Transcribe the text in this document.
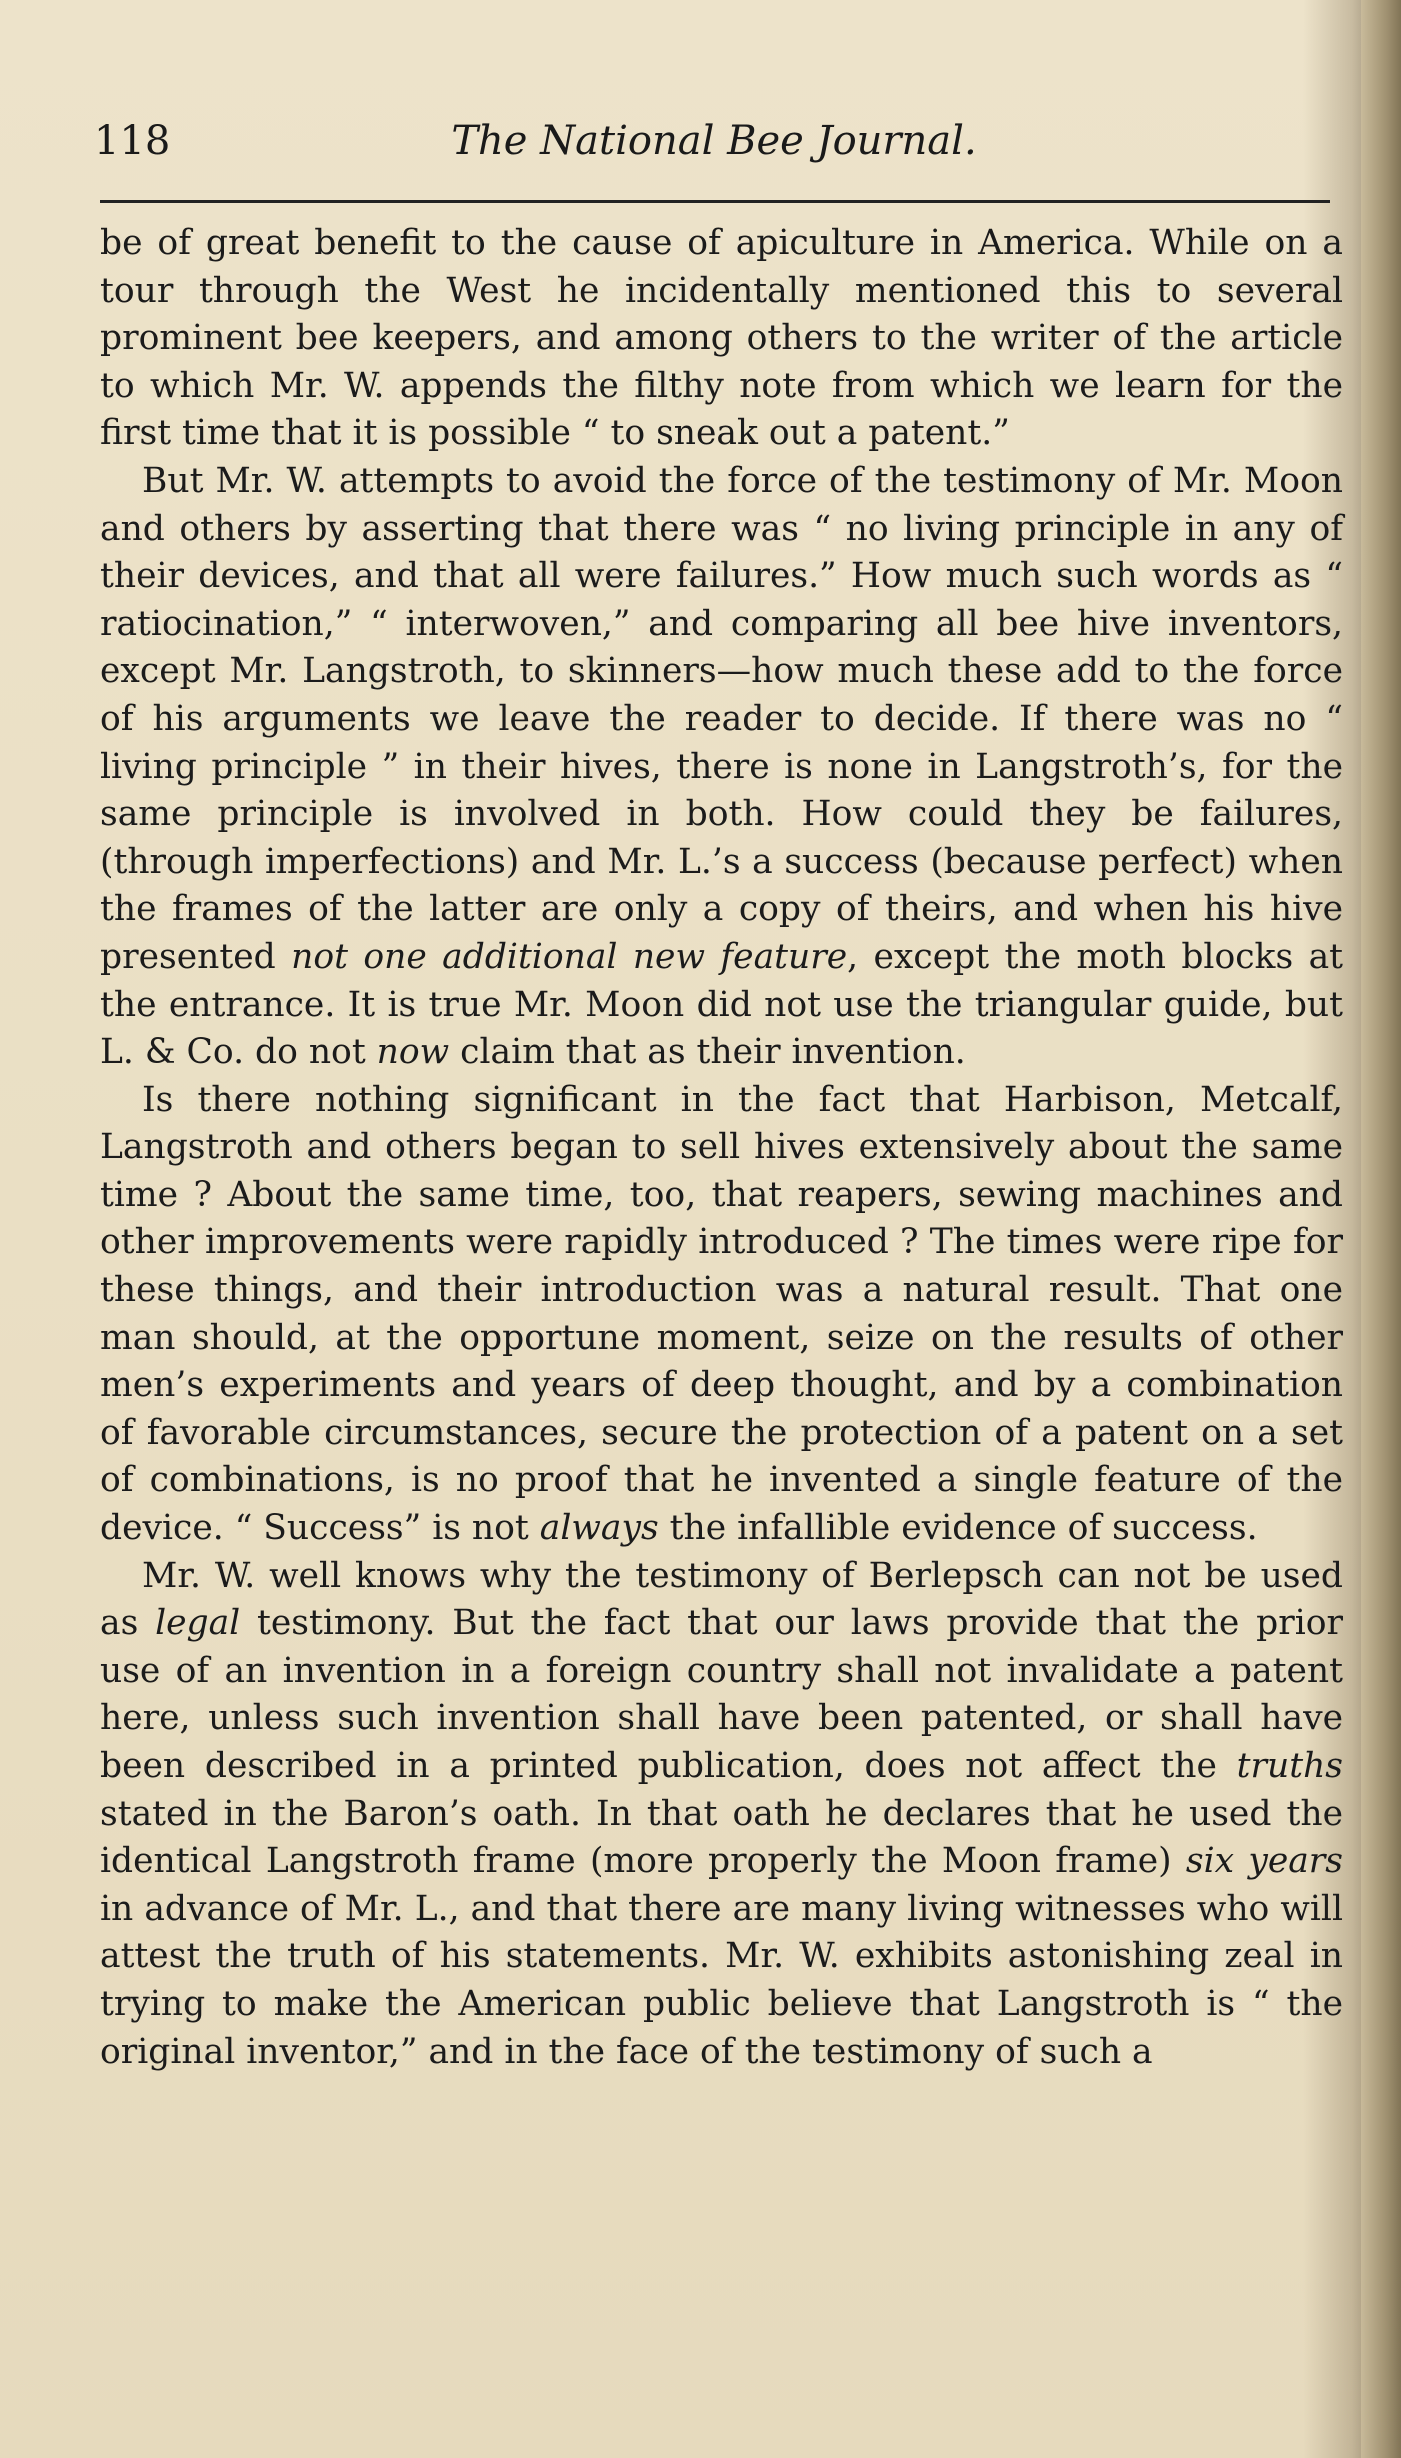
118	The National Bee Journal.

be of great benefit to the cause of apiculture in America. While on a tour through the West he incidentally mentioned this to several prominent bee keepers, and among others to the writer of the article to which Mr. W. appends the filthy note from which we learn for the first time that it is possible “ to sneak out a patent.”

But Mr. W. attempts to avoid the force of the testimony of Mr. Moon and others by asserting that there was “ no living principle in any of their devices, and that all were failures.” How much such words as “ ratiocination,” “ interwoven,” and comparing all bee hive inventors, except Mr. Langstroth, to skinners—how much these add to the force of his arguments we leave the reader to decide. If there was no “ living principle ” in their hives, there is none in Langstroth’s, for the same principle is involved in both. How could they be failures, (through imperfections) and Mr. L.’s a success (because perfect) when the frames of the latter are only a copy of theirs, and when his hive presented not one additional new feature, except the moth blocks at the entrance. It is true Mr. Moon did not use the triangular guide, but L. & Co. do not now claim that as their invention.

Is there nothing significant in the fact that Harbison, Metcalf, Langstroth and others began to sell hives extensively about the same time ? About the same time, too, that reapers, sewing machines and other improvements were rapidly introduced ? The times were ripe for these things, and their introduction was a natural result. That one man should, at the opportune moment, seize on the results of other men’s experiments and years of deep thought, and by a combination of favorable circumstances, secure the protection of a patent on a set of combinations, is no proof that he invented a single feature of the device. “ Success” is not always the infallible evidence of success.

Mr. W. well knows why the testimony of Berlepsch can not be used as legal testimony. But the fact that our laws provide that the prior use of an invention in a foreign country shall not invalidate a patent here, unless such invention shall have been patented, or shall have been described in a printed publication, does not affect the truths stated in the Baron’s oath. In that oath he declares that he used the identical Langstroth frame (more properly the Moon frame) six years in advance of Mr. L., and that there are many living witnesses who will attest the truth of his statements. Mr. W. exhibits astonishing zeal in trying to make the American public believe that Langstroth is “ the original inventor,” and in the face of the testimony of such a
